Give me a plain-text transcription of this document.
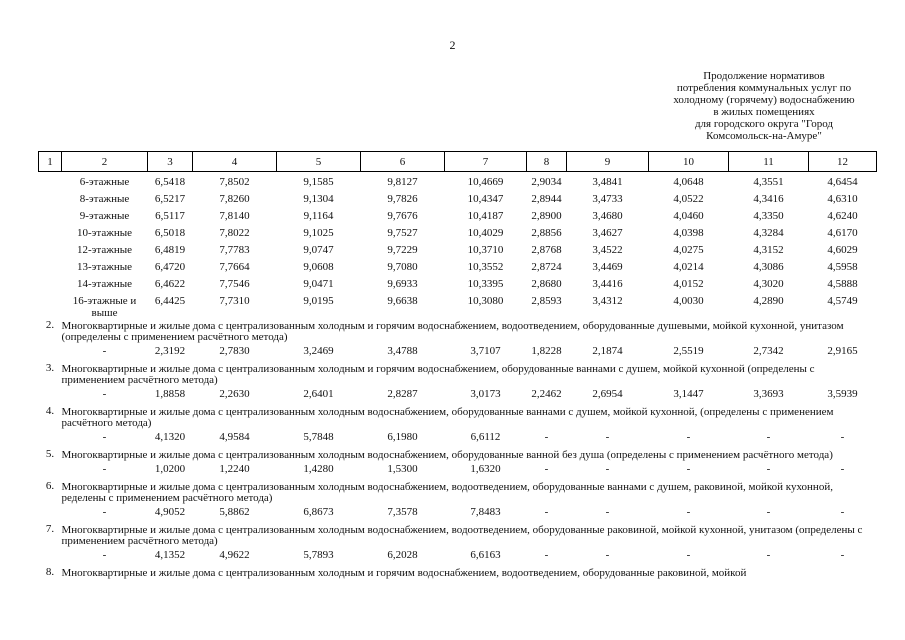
2
Продолжение нормативов
потребления коммунальных услуг по
холодному (горячему) водоснабжению
в жилых помещениях
для городского округа "Город
Комсомольск-на-Амуре"
1	2	3	4	5	6	7	8	9	10	11	12

	6-этажные	6,5418	7,8502	9,1585	9,8127	10,4669	2,9034	3,4841	4,0648	4,3551	4,6454
	8-этажные	6,5217	7,8260	9,1304	9,7826	10,4347	2,8944	3,4733	4,0522	4,3416	4,6310
	9-этажные	6,5117	7,8140	9,1164	9,7676	10,4187	2,8900	3,4680	4,0460	4,3350	4,6240
	10-этажные	6,5018	7,8022	9,1025	9,7527	10,4029	2,8856	3,4627	4,0398	4,3284	4,6170
	12-этажные	6,4819	7,7783	9,0747	9,7229	10,3710	2,8768	3,4522	4,0275	4,3152	4,6029
	13-этажные	6,4720	7,7664	9,0608	9,7080	10,3552	2,8724	3,4469	4,0214	4,3086	4,5958
	14-этажные	6,4622	7,7546	9,0471	9,6933	10,3395	2,8680	3,4416	4,0152	4,3020	4,5888
	16-этажные и выше	6,4425	7,7310	9,0195	9,6638	10,3080	2,8593	3,4312	4,0030	4,2890	4,5749
2.	Многоквартирные и жилые дома с централизованным холодным и горячим водоснабжением, водоотведением, оборудованные душевыми, мойкой кухонной, унитазом (определены с применением расчётного метода)										
	-	2,3192	2,7830	3,2469	3,4788	3,7107	1,8228	2,1874	2,5519	2,7342	2,9165
3.	Многоквартирные и жилые дома с централизованным холодным и горячим водоснабжением, оборудованные ваннами с душем, мойкой кухонной (определены с применением расчётного метода)										
	-	1,8858	2,2630	2,6401	2,8287	3,0173	2,2462	2,6954	3,1447	3,3693	3,5939
4.	Многоквартирные и жилые дома с централизованным холодным водоснабжением, оборудованные ваннами с душем, мойкой кухонной, (определены с применением расчётного метода)										
	-	4,1320	4,9584	5,7848	6,1980	6,6112	-	-	-	-	-
5.	Многоквартирные и жилые дома с централизованным холодным водоснабжением, оборудованные ванной без душа (определены с применением расчётного метода)										
	-	1,0200	1,2240	1,4280	1,5300	1,6320	-	-	-	-	-
6.	Многоквартирные и жилые дома с централизованным холодным водоснабжением, водоотведением, оборудованные ваннами с душем, раковиной, мойкой кухонной, ределены с применением расчётного метода)										
	-	4,9052	5,8862	6,8673	7,3578	7,8483	-	-	-	-	-
7.	Многоквартирные и жилые дома с централизованным холодным водоснабжением, водоотведением, оборудованные раковиной, мойкой кухонной, унитазом (определены с применением расчётного метода)										
	-	4,1352	4,9622	5,7893	6,2028	6,6163	-	-	-	-	-
8.	Многоквартирные и жилые дома с централизованным холодным и горячим водоснабжением, водоотведением, оборудованные раковиной, мойкой										
